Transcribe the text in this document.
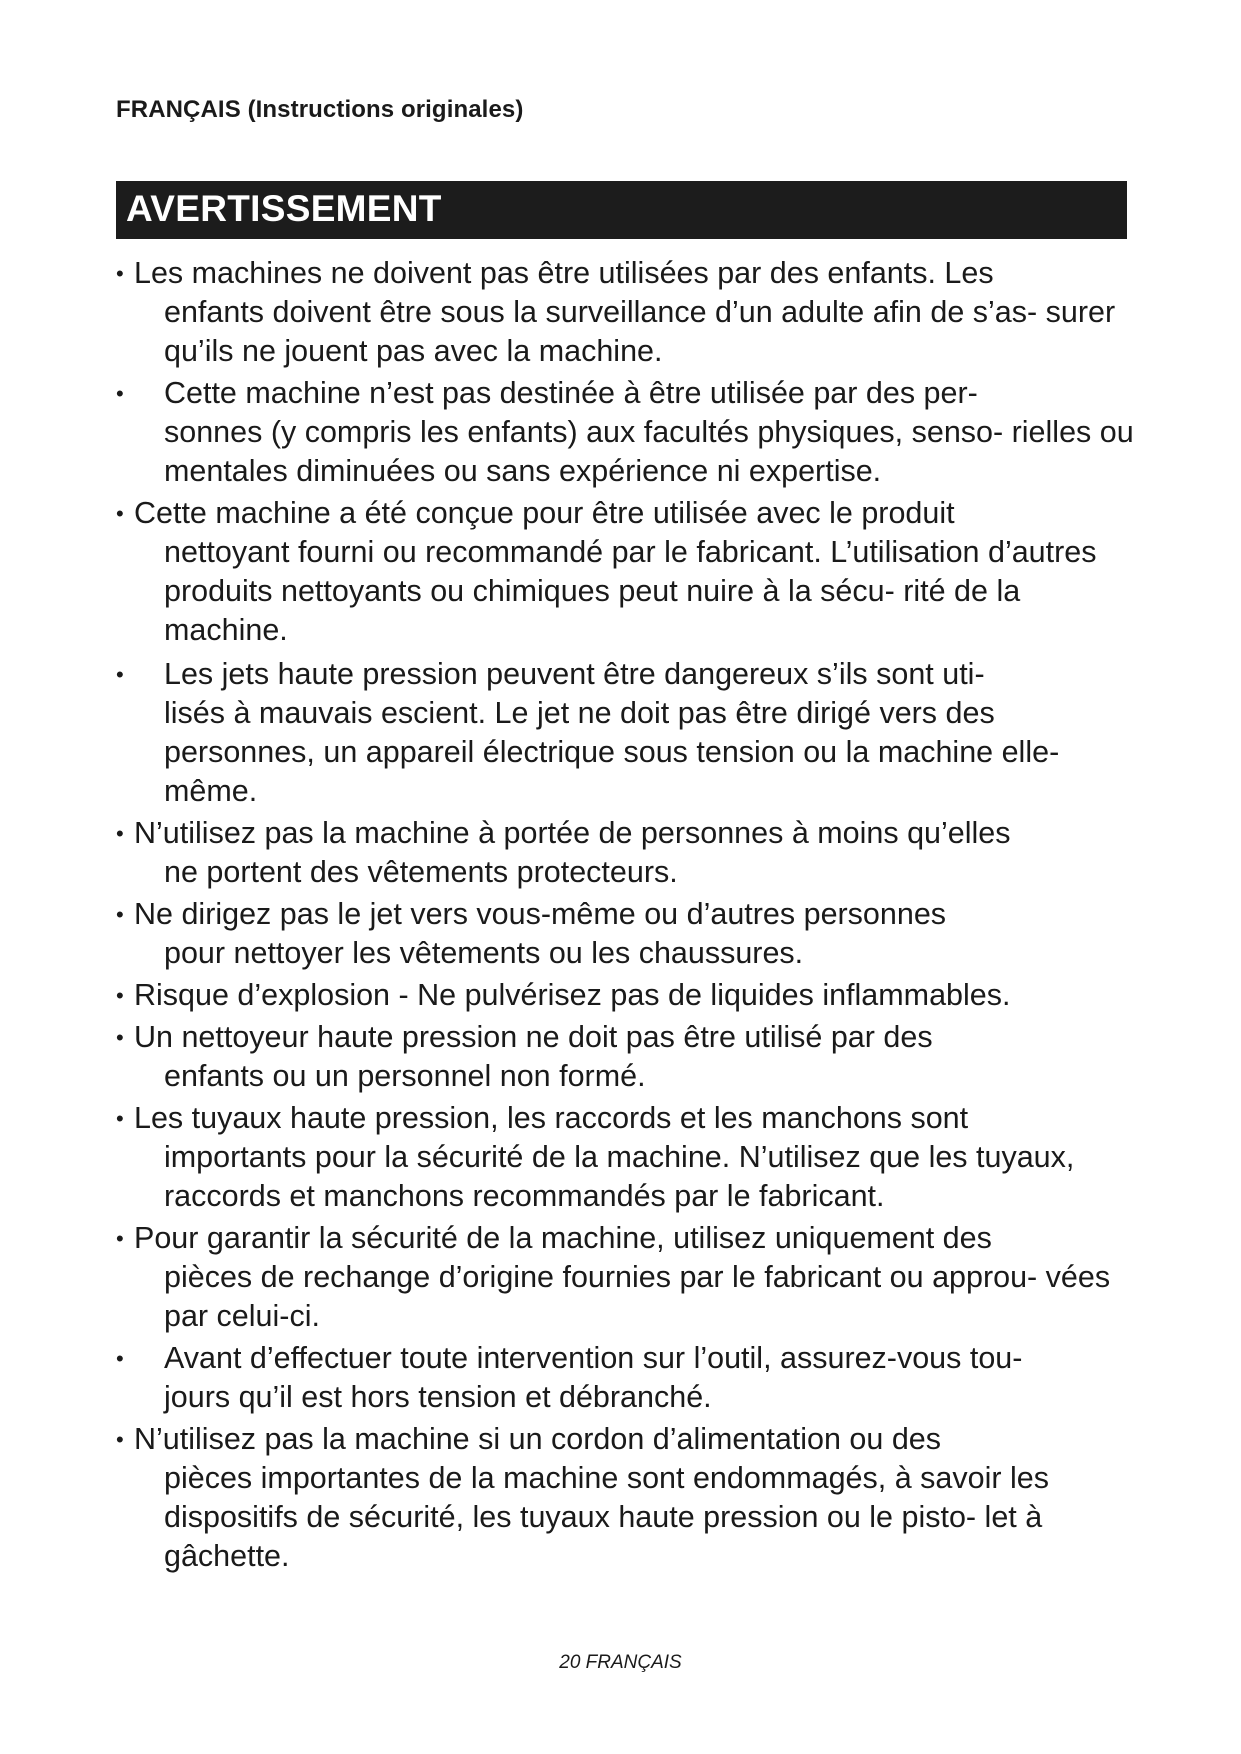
FRANÇAIS (Instructions originales)
AVERTISSEMENT
• Les machines ne doivent pas être utilisées par des enfants. Les
enfants doivent être sous la surveillance d’un adulte afin de s’as- surer qu’ils ne jouent pas avec la machine.
• Cette machine n’est pas destinée à être utilisée par des per-
sonnes (y compris les enfants) aux facultés physiques, senso- rielles ou mentales diminuées ou sans expérience ni expertise.
• Cette machine a été conçue pour être utilisée avec le produit
nettoyant fourni ou recommandé par le fabricant. L’utilisation d’autres produits nettoyants ou chimiques peut nuire à la sécu- rité de la machine.
• Les jets haute pression peuvent être dangereux s’ils sont uti-
lisés à mauvais escient. Le jet ne doit pas être dirigé vers des personnes, un appareil électrique sous tension ou la machine elle-même.
• N’utilisez pas la machine à portée de personnes à moins qu’elles
ne portent des vêtements protecteurs.
• Ne dirigez pas le jet vers vous-même ou d’autres personnes
pour nettoyer les vêtements ou les chaussures.
• Risque d’explosion - Ne pulvérisez pas de liquides inflammables.
• Un nettoyeur haute pression ne doit pas être utilisé par des
enfants ou un personnel non formé.
• Les tuyaux haute pression, les raccords et les manchons sont
importants pour la sécurité de la machine. N’utilisez que les tuyaux, raccords et manchons recommandés par le fabricant.
• Pour garantir la sécurité de la machine, utilisez uniquement des
pièces de rechange d’origine fournies par le fabricant ou approu- vées par celui-ci.
• Avant d’effectuer toute intervention sur l’outil, assurez-vous tou-
jours qu’il est hors tension et débranché.
• N’utilisez pas la machine si un cordon d’alimentation ou des
pièces importantes de la machine sont endommagés, à savoir les dispositifs de sécurité, les tuyaux haute pression ou le pisto- let à gâchette.
20 FRANÇAIS
